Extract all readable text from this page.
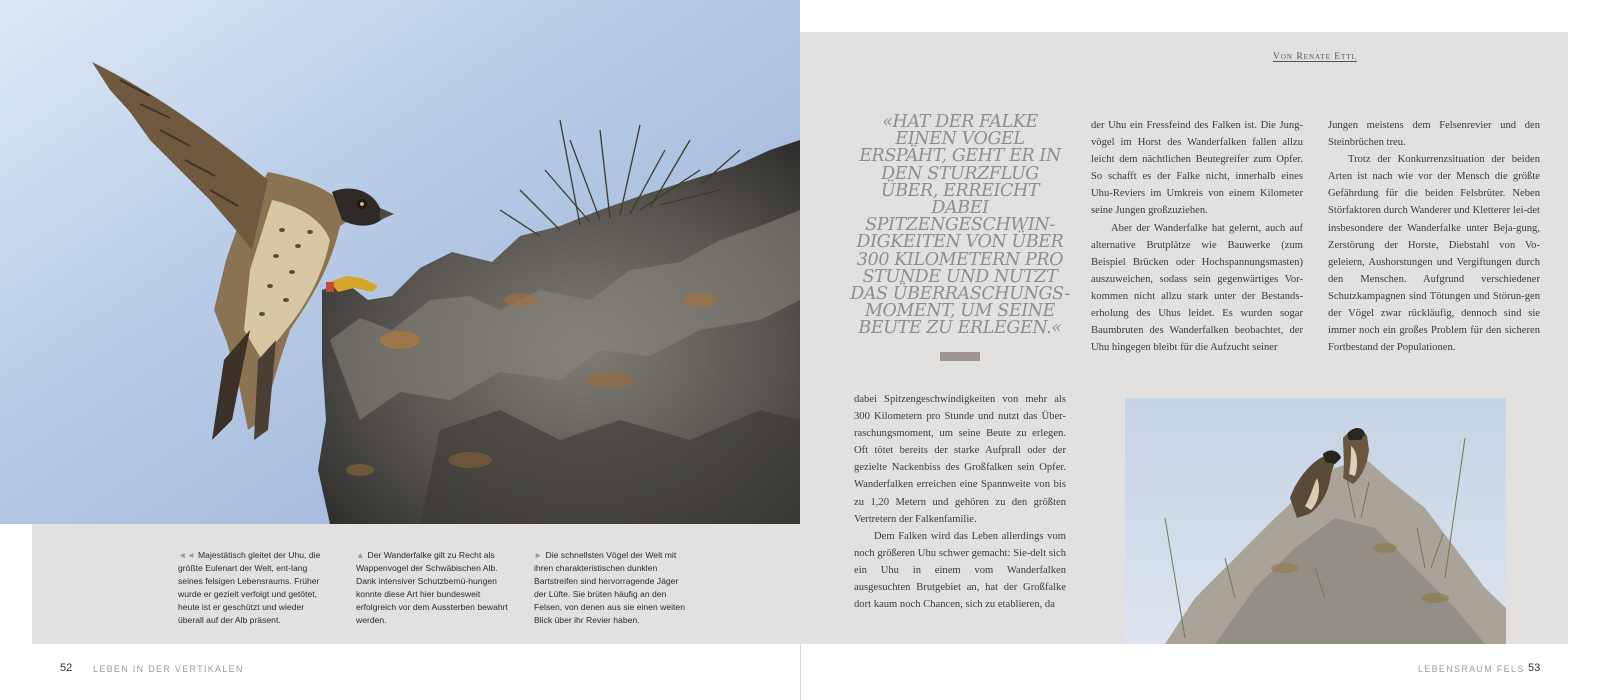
◄◄ Majestätisch gleitet der Uhu, die größte Eulenart der Welt, ent-lang seines felsigen Lebensraums. Früher wurde er gezielt verfolgt und getötet, heute ist er geschützt und wieder überall auf der Alb präsent.
▲ Der Wanderfalke gilt zu Recht als Wappenvogel der Schwäbischen Alb. Dank intensiver Schutzbemü-hungen konnte diese Art hier bundesweit erfolgreich vor dem Aussterben bewahrt werden.
► Die schnellsten Vögel der Welt mit ihren charakteristischen dunklen Bartstreifen sind hervorragende Jäger der Lüfte. Sie brüten häufig an den Felsen, von denen aus sie einen weiten Blick über ihr Revier haben.
52 LEBEN IN DER VERTIKALEN	LEBENSRAUM FELS 53
Von Renate Ettl
«HAT DER FALKE EINEN VOGEL ERSPÄHT, GEHT ER IN DEN STURZFLUG ÜBER, ERREICHT DABEI SPITZENGESCHWIN-DIGKEITEN VON ÜBER 300 KILOMETERN PRO STUNDE UND NUTZT DAS ÜBERRASCHUNGS-MOMENT, UM SEINE BEUTE ZU ERLEGEN.«

der Uhu ein Fressfeind des Falken ist. Die Jung-vögel im Horst des Wanderfalken fallen allzu leicht dem nächtlichen Beutegreifer zum Opfer. So schafft es der Falke nicht, innerhalb eines Uhu-Reviers im Umkreis von einem Kilometer seine Jungen großzuziehen.

Aber der Wanderfalke hat gelernt, auch auf alternative Brutplätze wie Bauwerke (zum Beispiel Brücken oder Hochspannungsmasten) auszuweichen, sodass sein gegenwärtiges Vor-kommen nicht allzu stark unter der Bestands-erholung des Uhus leidet. Es wurden sogar Baumbruten des Wanderfalken beobachtet, der Uhu hingegen bleibt für die Aufzucht seiner

Jungen meistens dem Felsenrevier und den Steinbrüchen treu.

Trotz der Konkurrenzsituation der beiden Arten ist nach wie vor der Mensch die größte Gefährdung für die beiden Felsbrüter. Neben Störfaktoren durch Wanderer und Kletterer lei-det insbesondere der Wanderfalke unter Beja-gung, Zerstörung der Horste, Diebstahl von Vo-geleiern, Aushorstungen und Vergiftungen durch den Menschen. Aufgrund verschiedener Schutzkampagnen sind Tötungen und Störun-gen der Vögel zwar rückläufig, dennoch sind sie immer noch ein großes Problem für den sicheren Fortbestand der Populationen.

dabei Spitzengeschwindigkeiten von mehr als 300 Kilometern pro Stunde und nutzt das Über-raschungsmoment, um seine Beute zu erlegen. Oft tötet bereits der starke Aufprall oder der gezielte Nackenbiss des Großfalken sein Opfer. Wanderfalken erreichen eine Spannweite von bis zu 1,20 Metern und gehören zu den größten Vertretern der Falkenfamilie.

Dem Falken wird das Leben allerdings vom noch größeren Uhu schwer gemacht: Sie-delt sich ein Uhu in einem vom Wanderfalken ausgesuchten Brutgebiet an, hat der Großfalke dort kaum noch Chancen, sich zu etablieren, da
